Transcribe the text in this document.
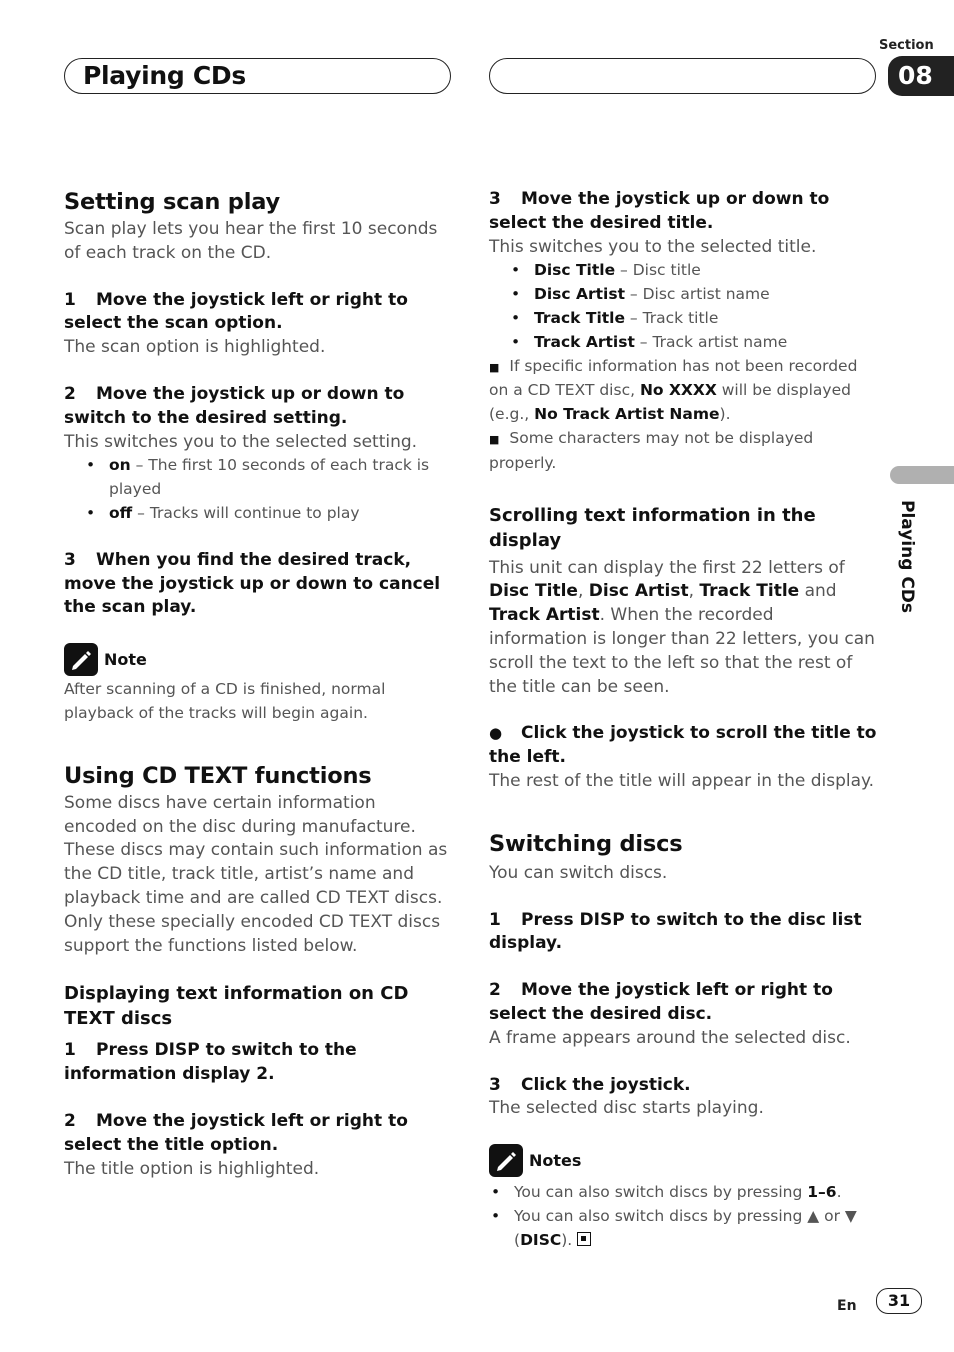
Playing CDs
Section
08
Playing CDs
Setting scan play

Scan play lets you hear the first 10 seconds of each track on the CD.

1 Move the joystick left or right to select the scan option.

The scan option is highlighted.

2 Move the joystick up or down to switch to the desired setting.

This switches you to the selected setting.

• on – The first 10 seconds of each track is played

• off – Tracks will continue to play

3 When you find the desired track, move the joystick up or down to cancel the scan play.

Note

After scanning of a CD is finished, normal playback of the tracks will begin again.

Using CD TEXT functions

Some discs have certain information encoded on the disc during manufacture. These discs may contain such information as the CD title, track title, artist’s name and playback time and are called CD TEXT discs. Only these specially encoded CD TEXT discs support the functions listed below.

Displaying text information on CD TEXT discs

1 Press DISP to switch to the information display 2.

2 Move the joystick left or right to select the title option.

The title option is highlighted.

3 Move the joystick up or down to select the desired title.

This switches you to the selected title.

• Disc Title – Disc title

• Disc Artist – Disc artist name

• Track Title – Track title

• Track Artist – Track artist name

■ If specific information has not been recorded on a CD TEXT disc, No XXXX will be displayed (e.g., No Track Artist Name).

■ Some characters may not be displayed properly.

Scrolling text information in the display

This unit can display the first 22 letters of Disc Title, Disc Artist, Track Title and Track Artist. When the recorded information is longer than 22 letters, you can scroll the text to the left so that the rest of the title can be seen.

● Click the joystick to scroll the title to the left.

The rest of the title will appear in the display.

Switching discs

You can switch discs.

1 Press DISP to switch to the disc list display.

2 Move the joystick left or right to select the desired disc.

A frame appears around the selected disc.

3 Click the joystick.

The selected disc starts playing.

Notes

• You can also switch discs by pressing 1–6.

• You can also switch discs by pressing ▲ or ▼ (DISC).

En	31
